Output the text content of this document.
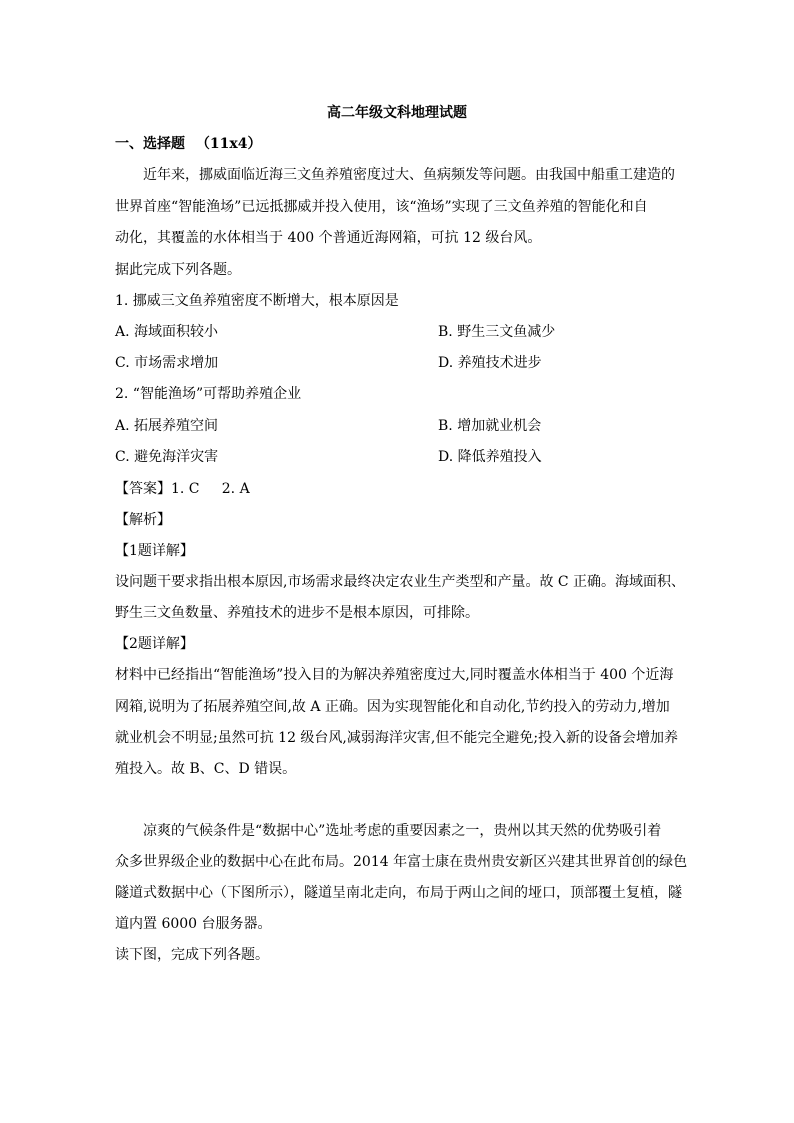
高二年级文科地理试题
一、选择题 （11x4）
近年来，挪威面临近海三文鱼养殖密度过大、鱼病频发等问题。由我国中船重工建造的
世界首座“智能渔场”已远抵挪威并投入使用，该“渔场”实现了三文鱼养殖的智能化和自
动化，其覆盖的水体相当于 400 个普通近海网箱，可抗 12 级台风。
据此完成下列各题。
1. 挪威三文鱼养殖密度不断增大，根本原因是
A. 海域面积较小	B. 野生三文鱼减少
C. 市场需求增加	D. 养殖技术进步
2. “智能渔场”可帮助养殖企业
A. 拓展养殖空间	B. 增加就业机会
C. 避免海洋灾害	D. 降低养殖投入
【答案】1. C     2. A
【解析】
【1题详解】
设问题干要求指出根本原因,市场需求最终决定农业生产类型和产量。故 C 正确。海域面积、
野生三文鱼数量、养殖技术的进步不是根本原因，可排除。
【2题详解】
材料中已经指出“智能渔场”投入目的为解决养殖密度过大,同时覆盖水体相当于 400 个近海
网箱,说明为了拓展养殖空间,故 A 正确。因为实现智能化和自动化,节约投入的劳动力,增加
就业机会不明显;虽然可抗 12 级台风,减弱海洋灾害,但不能完全避免;投入新的设备会增加养
殖投入。故 B、C、D 错误。
凉爽的气候条件是“数据中心”选址考虑的重要因素之一，贵州以其天然的优势吸引着
众多世界级企业的数据中心在此布局。2014 年富士康在贵州贵安新区兴建其世界首创的绿色
隧道式数据中心（下图所示），隧道呈南北走向，布局于两山之间的垭口，顶部覆土复植，隧
道内置 6000 台服务器。
读下图，完成下列各题。
